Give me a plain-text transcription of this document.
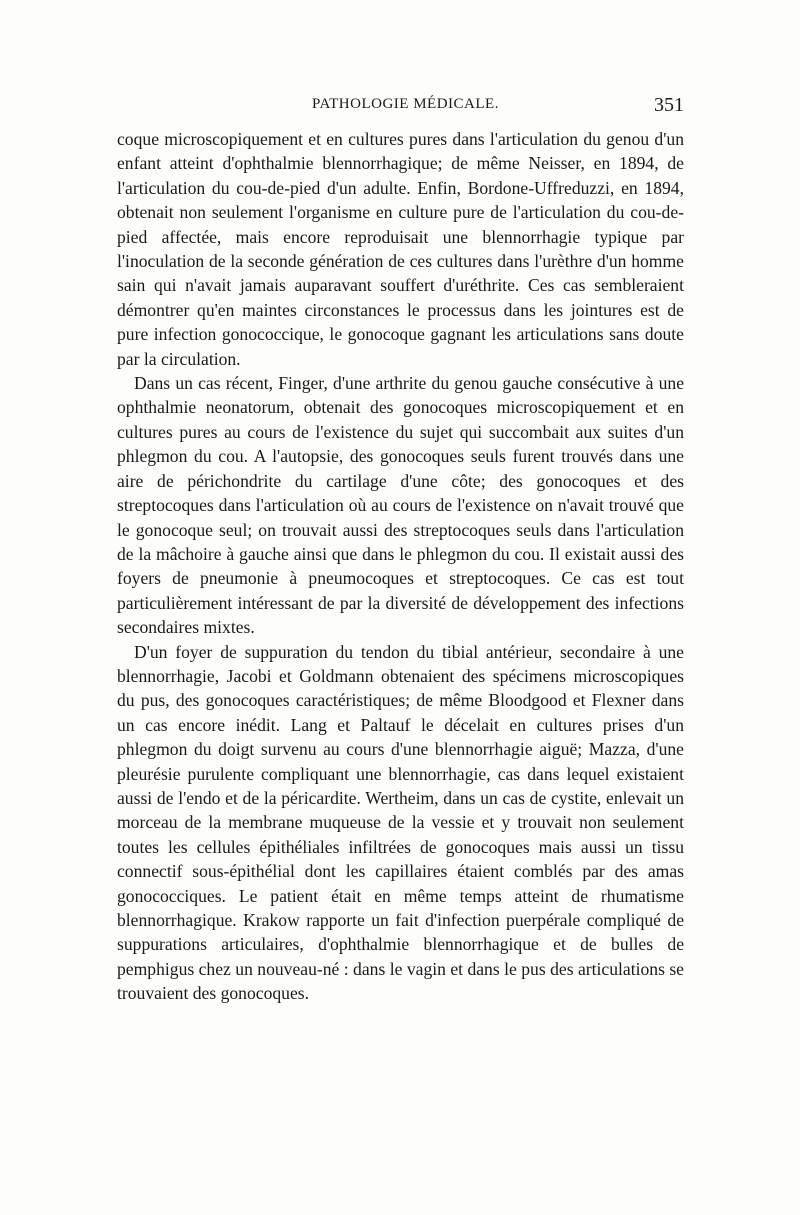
PATHOLOGIE MÉDICALE.	351

coque microscopiquement et en cultures pures dans l'articulation du genou d'un enfant atteint d'ophthalmie blennorrhagique; de même Neisser, en 1894, de l'articulation du cou-de-pied d'un adulte. Enfin, Bordone-Uffreduzzi, en 1894, obtenait non seulement l'organisme en culture pure de l'articulation du cou-de-pied affectée, mais encore reproduisait une blennorrhagie typique par l'inoculation de la seconde génération de ces cultures dans l'urèthre d'un homme sain qui n'avait jamais auparavant souffert d'uréthrite. Ces cas sembleraient démontrer qu'en maintes circonstances le processus dans les jointures est de pure infection gonococcique, le gonocoque gagnant les articulations sans doute par la circulation.

Dans un cas récent, Finger, d'une arthrite du genou gauche consécutive à une ophthalmie neonatorum, obtenait des gonocoques microscopiquement et en cultures pures au cours de l'existence du sujet qui succombait aux suites d'un phlegmon du cou. A l'autopsie, des gonocoques seuls furent trouvés dans une aire de périchondrite du cartilage d'une côte; des gonocoques et des streptocoques dans l'articulation où au cours de l'existence on n'avait trouvé que le gonocoque seul; on trouvait aussi des streptocoques seuls dans l'articulation de la mâchoire à gauche ainsi que dans le phlegmon du cou. Il existait aussi des foyers de pneumonie à pneumocoques et streptocoques. Ce cas est tout particulièrement intéressant de par la diversité de développement des infections secondaires mixtes.

D'un foyer de suppuration du tendon du tibial antérieur, secondaire à une blennorrhagie, Jacobi et Goldmann obtenaient des spécimens microscopiques du pus, des gonocoques caractéristiques; de même Bloodgood et Flexner dans un cas encore inédit. Lang et Paltauf le décelait en cultures prises d'un phlegmon du doigt survenu au cours d'une blennorrhagie aiguë; Mazza, d'une pleurésie purulente compliquant une blennorrhagie, cas dans lequel existaient aussi de l'endo et de la péricardite. Wertheim, dans un cas de cystite, enlevait un morceau de la membrane muqueuse de la vessie et y trouvait non seulement toutes les cellules épithéliales infiltrées de gonocoques mais aussi un tissu connectif sous-épithélial dont les capillaires étaient comblés par des amas gonococciques. Le patient était en même temps atteint de rhumatisme blennorrhagique. Krakow rapporte un fait d'infection puerpérale compliqué de suppurations articulaires, d'ophthalmie blennorrhagique et de bulles de pemphigus chez un nouveau-né : dans le vagin et dans le pus des articulations se trouvaient des gonocoques.
